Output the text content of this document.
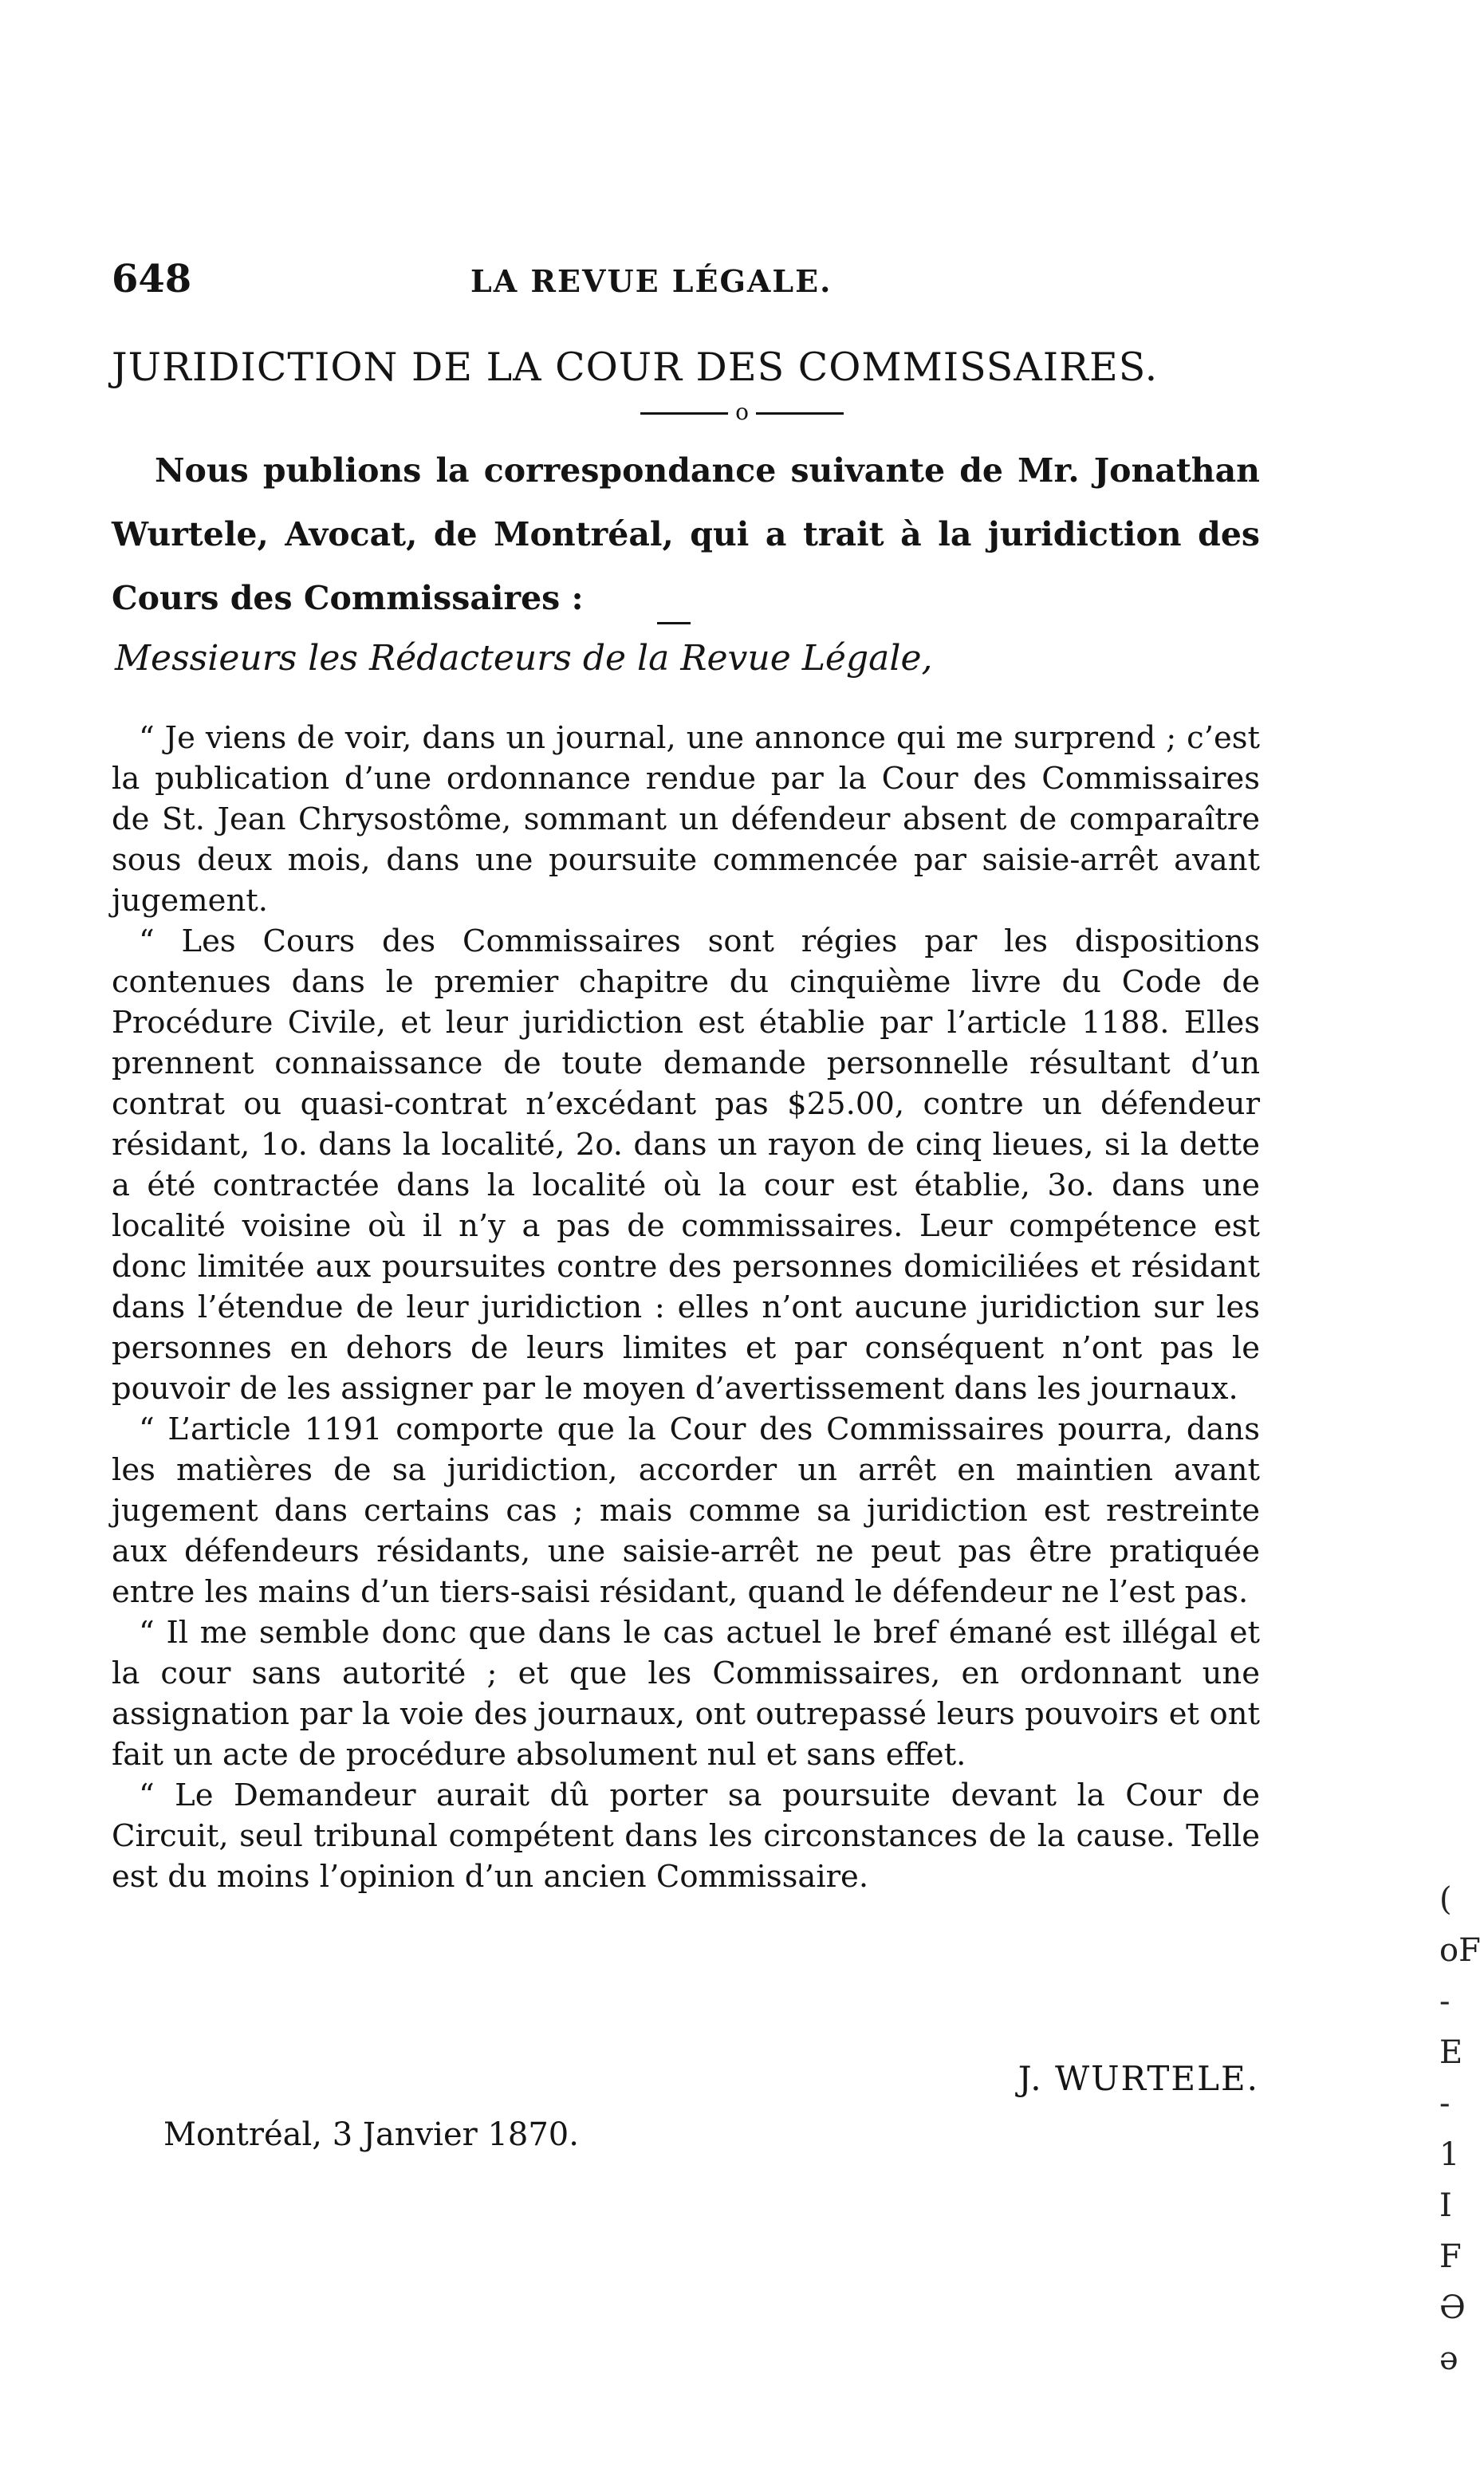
648	LA REVUE LÉGALE.
JURIDICTION DE LA COUR DES COMMISSAIRES.
o
Nous publions la correspondance suivante de Mr. Jonathan Wurtele, Avocat, de Montréal, qui a trait à la juridiction des Cours des Commissaires :
Messieurs les Rédacteurs de la Revue Légale,

“ Je viens de voir, dans un journal, une annonce qui me surprend ; c’est la publication d’une ordonnance rendue par la Cour des Commissaires de St. Jean Chrysostôme, sommant un défendeur absent de comparaître sous deux mois, dans une poursuite commencée par saisie-arrêt avant jugement.

“ Les Cours des Commissaires sont régies par les dispositions contenues dans le premier chapitre du cinquième livre du Code de Procédure Civile, et leur juridiction est établie par l’article 1188. Elles prennent connaissance de toute demande personnelle résultant d’un contrat ou quasi-contrat n’excédant pas $25.00, contre un défendeur résidant, 1o. dans la localité, 2o. dans un rayon de cinq lieues, si la dette a été contractée dans la localité où la cour est établie, 3o. dans une localité voisine où il n’y a pas de commissaires. Leur compétence est donc limitée aux poursuites contre des personnes domiciliées et résidant dans l’étendue de leur juridiction : elles n’ont aucune juridiction sur les personnes en dehors de leurs limites et par conséquent n’ont pas le pouvoir de les assigner par le moyen d’avertissement dans les journaux.

“ L’article 1191 comporte que la Cour des Commissaires pourra, dans les matières de sa juridiction, accorder un arrêt en maintien avant jugement dans certains cas ; mais comme sa juridiction est restreinte aux défendeurs résidants, une saisie-arrêt ne peut pas être pratiquée entre les mains d’un tiers-saisi résidant, quand le défendeur ne l’est pas.

“ Il me semble donc que dans le cas actuel le bref émané est illégal et la cour sans autorité ; et que les Commissaires, en ordonnant une assignation par la voie des journaux, ont outrepassé leurs pouvoirs et ont fait un acte de procédure absolument nul et sans effet.

“ Le Demandeur aurait dû porter sa poursuite devant la Cour de Circuit, seul tribunal compétent dans les circonstances de la cause. Telle est du moins l’opinion d’un ancien Commissaire.

J. WURTELE.
Montréal, 3 Janvier 1870.
(
oF
-
E
-
1
I
F
Ə
ə
